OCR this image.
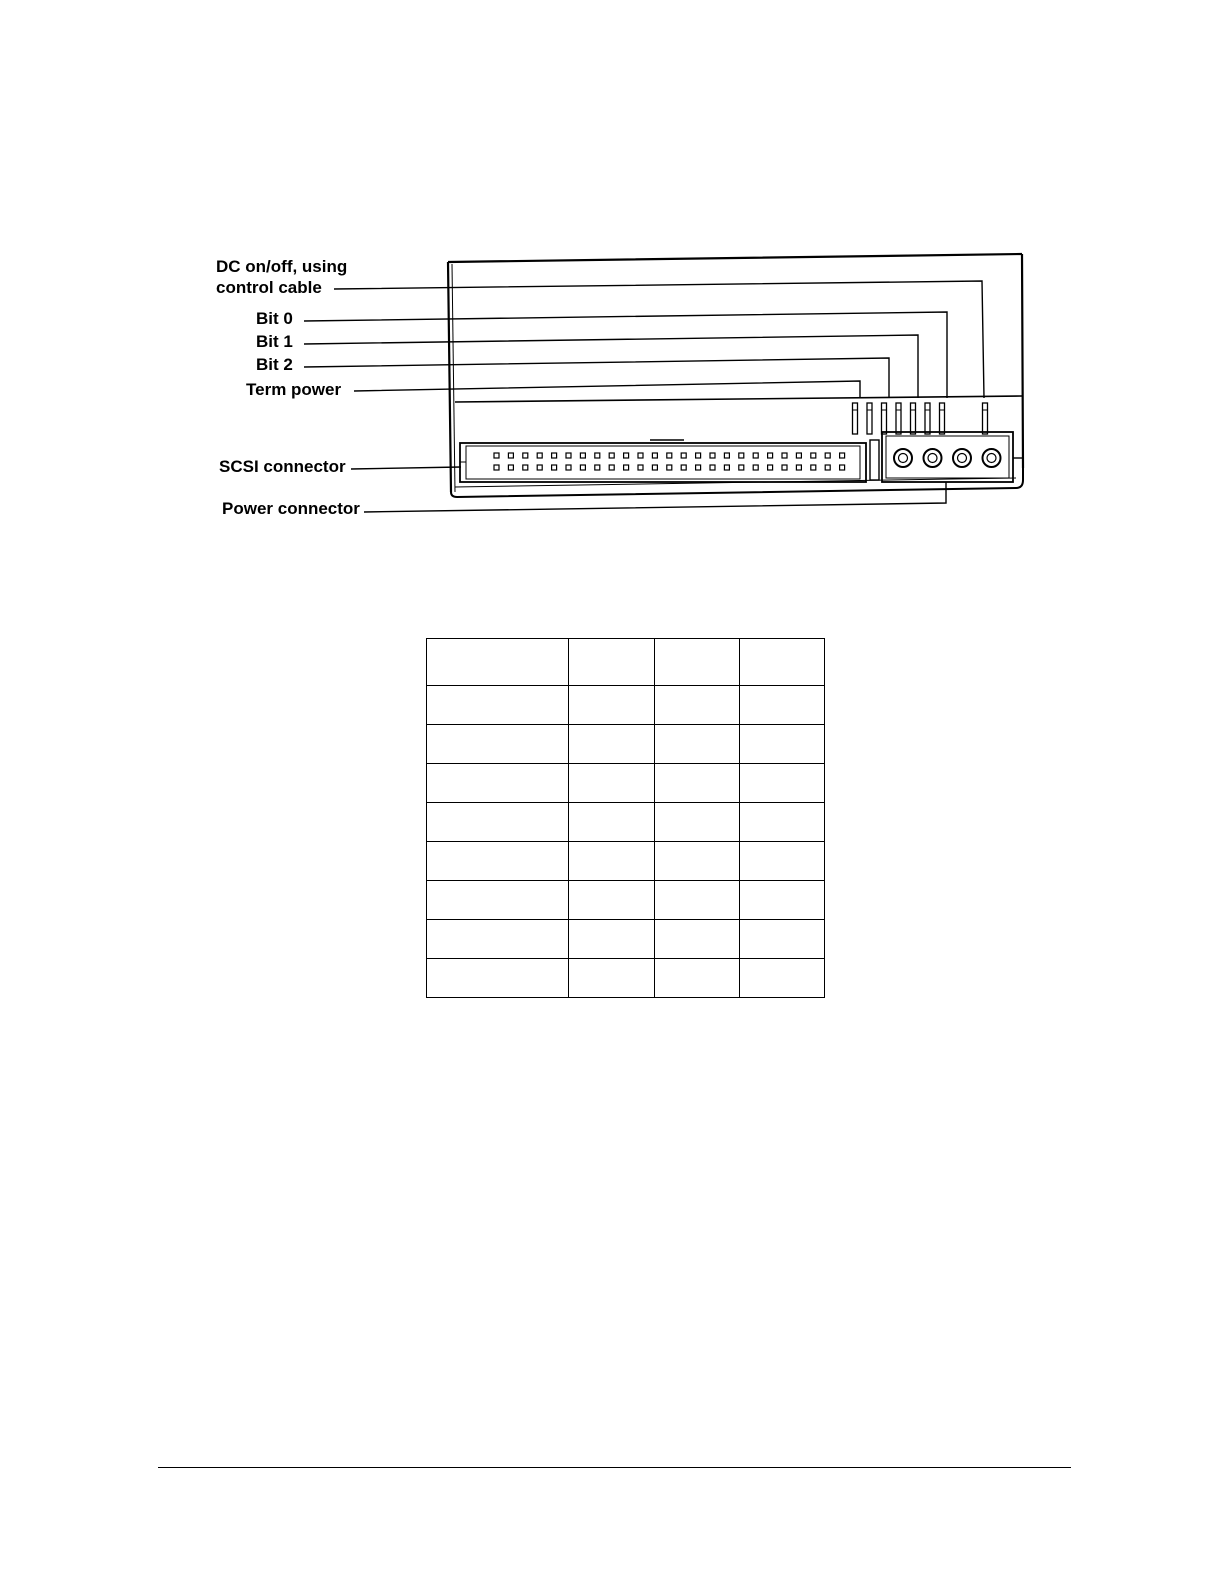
DC on/off, using
control cable
Bit 0
Bit 1
Bit 2
Term power
SCSI connector
Power connector
